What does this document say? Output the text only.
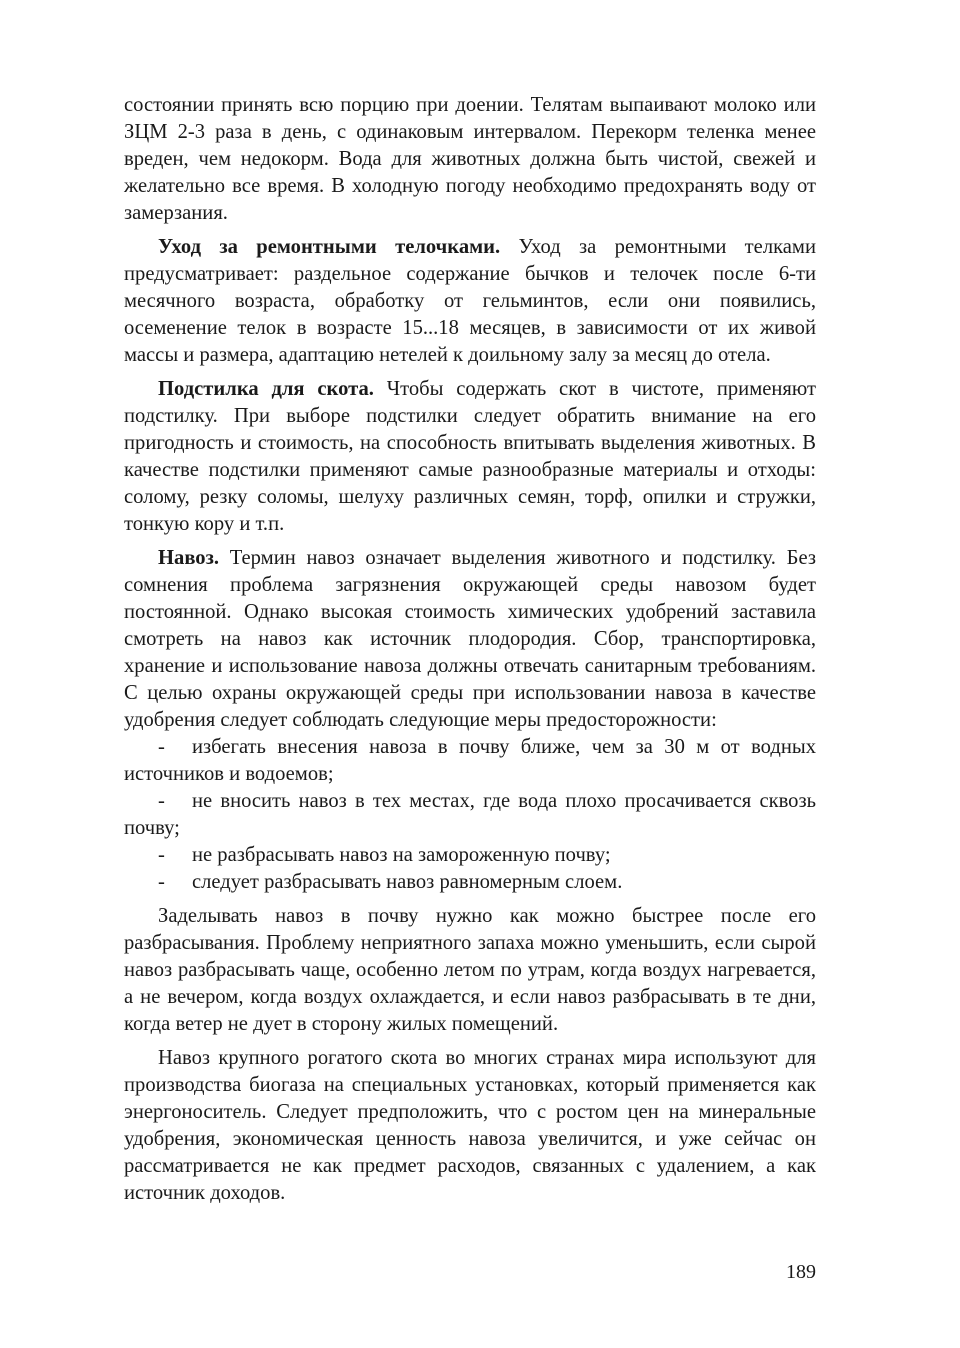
состоянии принять всю порцию при доении. Телятам выпаивают молоко или ЗЦМ 2-3 раза в день, с одинаковым интервалом. Перекорм теленка менее вреден, чем недокорм. Вода для животных должна быть чистой, свежей и желательно все время. В холодную погоду необходимо предохранять воду от замерзания.

Уход за ремонтными телочками. Уход за ремонтными телками предусматривает: раздельное содержание бычков и телочек после 6-ти месячного возраста, обработку от гельминтов, если они появились, осеменение телок в возрасте 15...18 месяцев, в зависимости от их живой массы и размера, адаптацию нетелей к доильному залу за месяц до отела.

Подстилка для скота. Чтобы содержать скот в чистоте, применяют подстилку. При выборе подстилки следует обратить внимание на его пригодность и стоимость, на способность впитывать выделения животных. В качестве подстилки применяют самые разнообразные материалы и отходы: солому, резку соломы, шелуху различных семян, торф, опилки и стружки, тонкую кору и т.п.

Навоз. Термин навоз означает выделения животного и подстилку. Без сомнения проблема загрязнения окружающей среды навозом будет постоянной. Однако высокая стоимость химических удобрений заставила смотреть на навоз как источник плодородия. Сбор, транспортировка, хранение и использование навоза должны отвечать санитарным требованиям. С целью охраны окружающей среды при использовании навоза в качестве удобрения следует соблюдать следующие меры предосторожности:

- избегать внесения навоза в почву ближе, чем за 30 м от водных источников и водоемов;

- не вносить навоз в тех местах, где вода плохо просачивается сквозь почву;

- не разбрасывать навоз на замороженную почву;

- следует разбрасывать навоз равномерным слоем.

Заделывать навоз в почву нужно как можно быстрее после его разбрасывания. Проблему неприятного запаха можно уменьшить, если сырой навоз разбрасывать чаще, особенно летом по утрам, когда воздух нагревается, а не вечером, когда воздух охлаждается, и если навоз разбрасывать в те дни, когда ветер не дует в сторону жилых помещений.

Навоз крупного рогатого скота во многих странах мира используют для производства биогаза на специальных установках, который применяется как энергоноситель. Следует предположить, что с ростом цен на минеральные удобрения, экономическая ценность навоза увеличится, и уже сейчас он рассматривается не как предмет расходов, связанных с удалением, а как источник доходов.

189
